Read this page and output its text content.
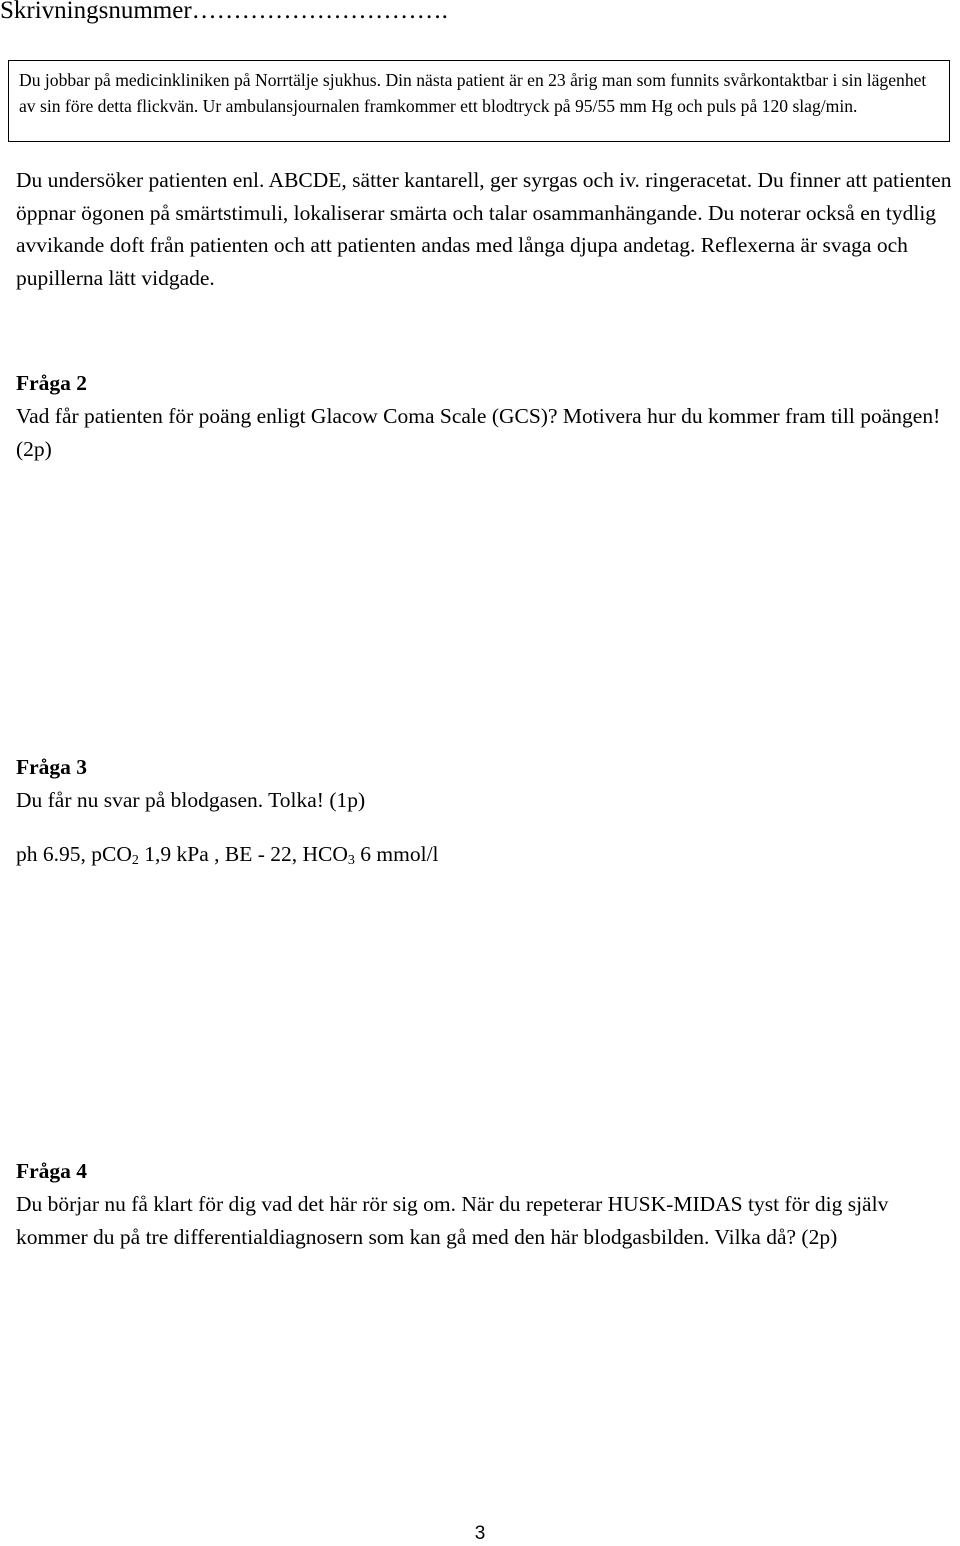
Skrivningsnummer………………………….
Du jobbar på medicinkliniken på Norrtälje sjukhus. Din nästa patient är en 23 årig man som funnits svårkontaktbar i sin lägenhet av sin före detta flickvän. Ur ambulansjournalen framkommer ett blodtryck på 95/55 mm Hg och puls på 120 slag/min.
Du undersöker patienten enl. ABCDE, sätter kantarell, ger syrgas och iv. ringeracetat. Du finner att patienten öppnar ögonen på smärtstimuli, lokaliserar smärta och talar osammanhängande. Du noterar också en tydlig avvikande doft från patienten och att patienten andas med långa djupa andetag. Reflexerna är svaga och pupillerna lätt vidgade.
Fråga 2
Vad får patienten för poäng enligt Glacow Coma Scale (GCS)? Motivera hur du kommer fram till poängen! (2p)
Fråga 3
Du får nu svar på blodgasen. Tolka! (1p)
ph 6.95, pCO$_2$ 1,9 kPa , BE - 22, $HCO_3$ 6 mmol/l
Fråga 4
Du börjar nu få klart för dig vad det här rör sig om. När du repeterar HUSK-MIDAS tyst för dig själv kommer du på tre differentialdiagnosern som kan gå med den här blodgasbilden. Vilka då? (2p)
3
